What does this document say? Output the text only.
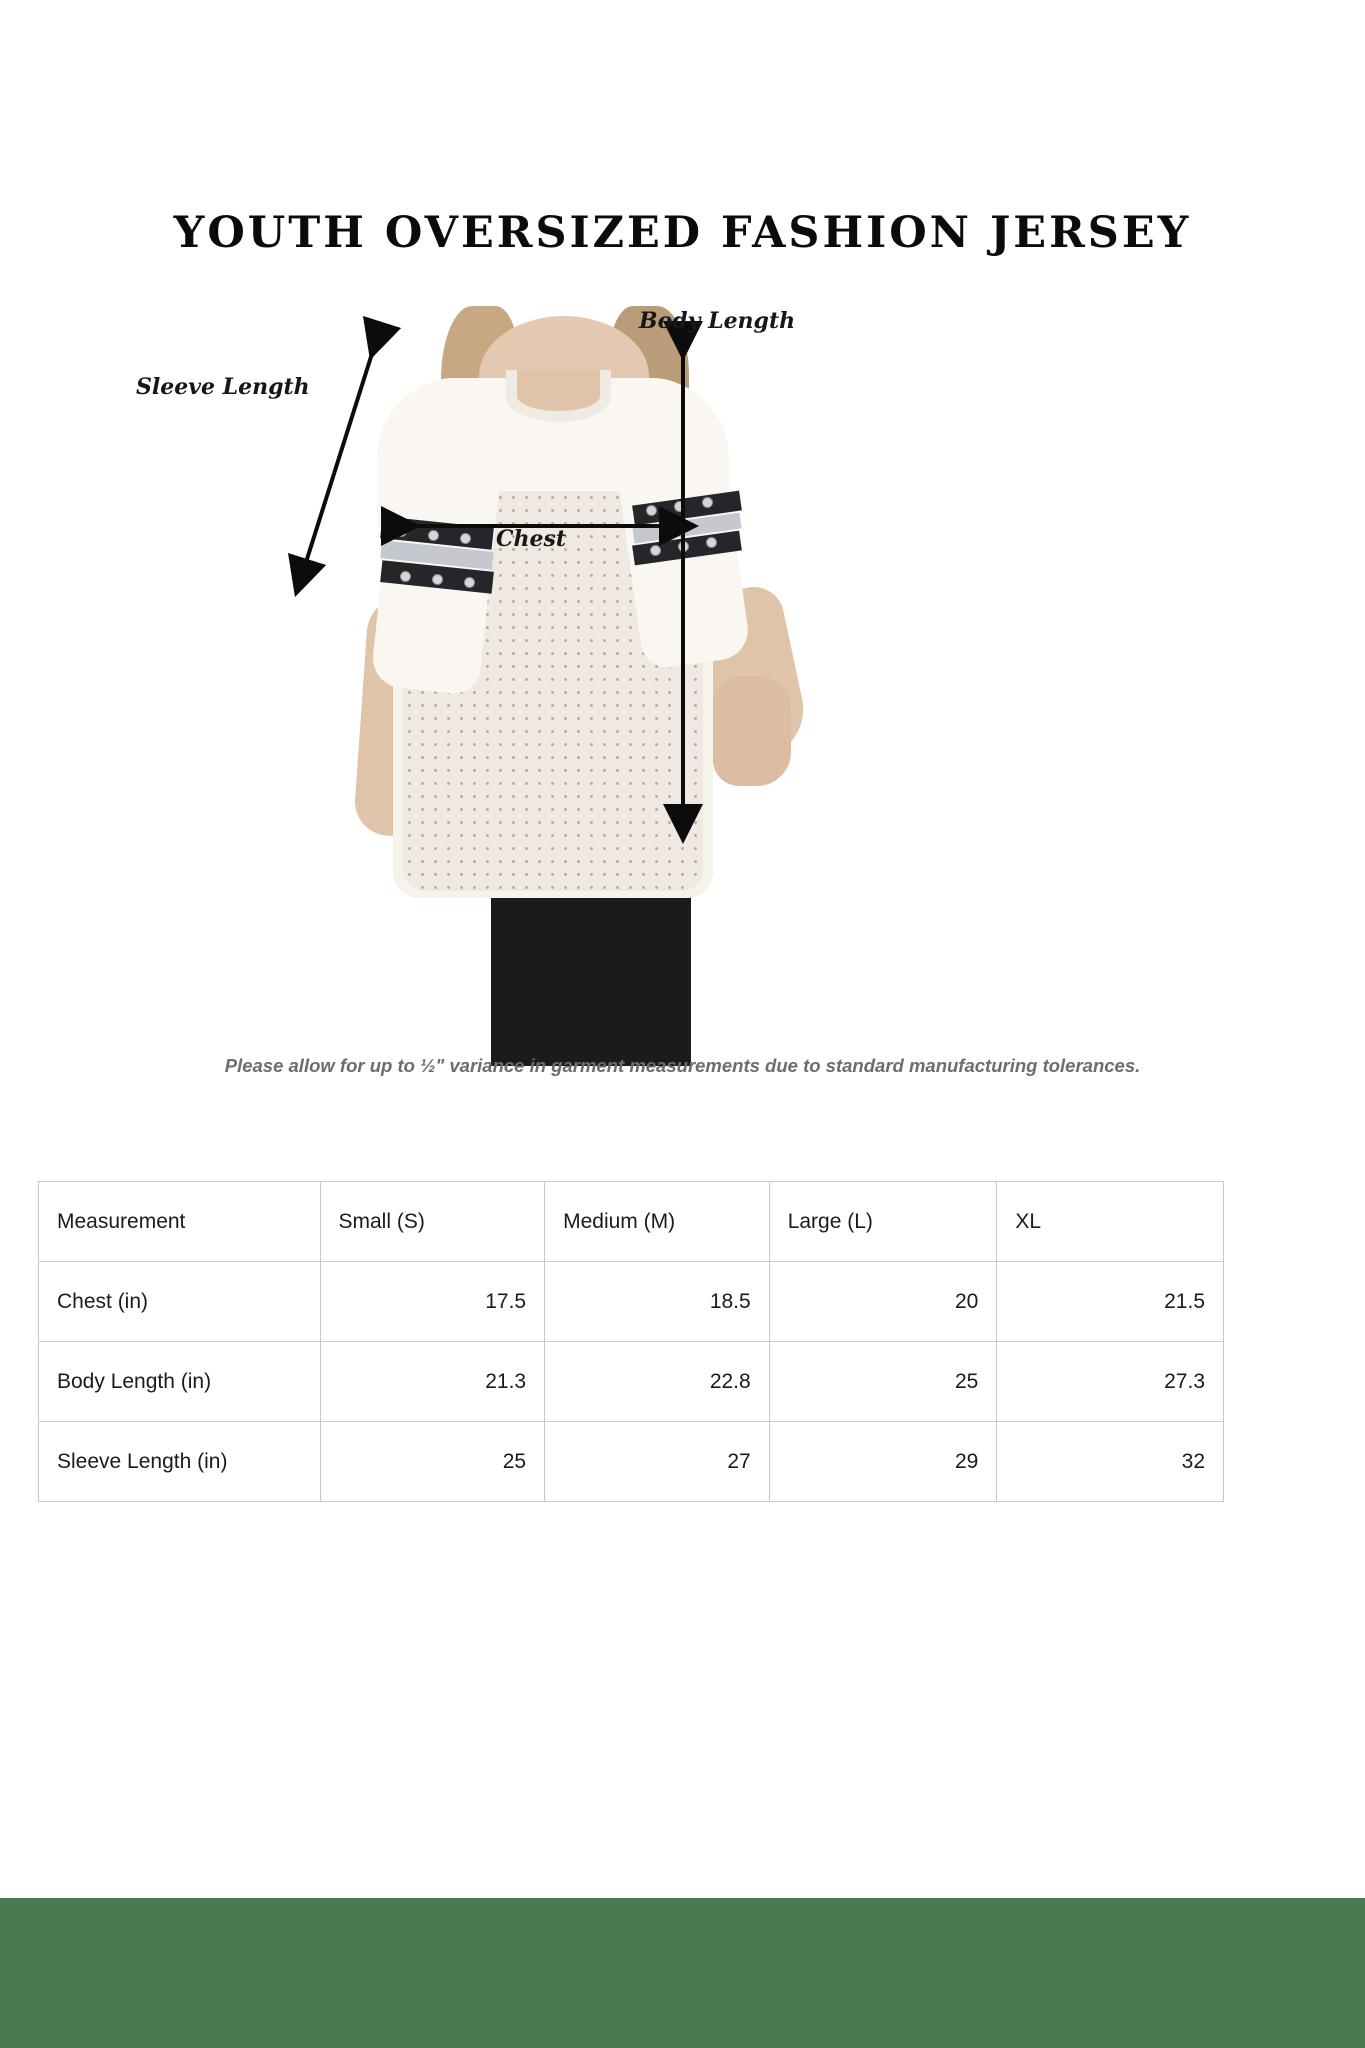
YOUTH OVERSIZED FASHION JERSEY
Sleeve Length
Body Length
Chest
Please allow for up to ½" variance in garment measurements due to standard manufacturing tolerances.
Measurement	Small (S)	Medium (M)	Large (L)	XL
Chest (in)	17.5	18.5	20	21.5
Body Length (in)	21.3	22.8	25	27.3
Sleeve Length (in)	25	27	29	32
